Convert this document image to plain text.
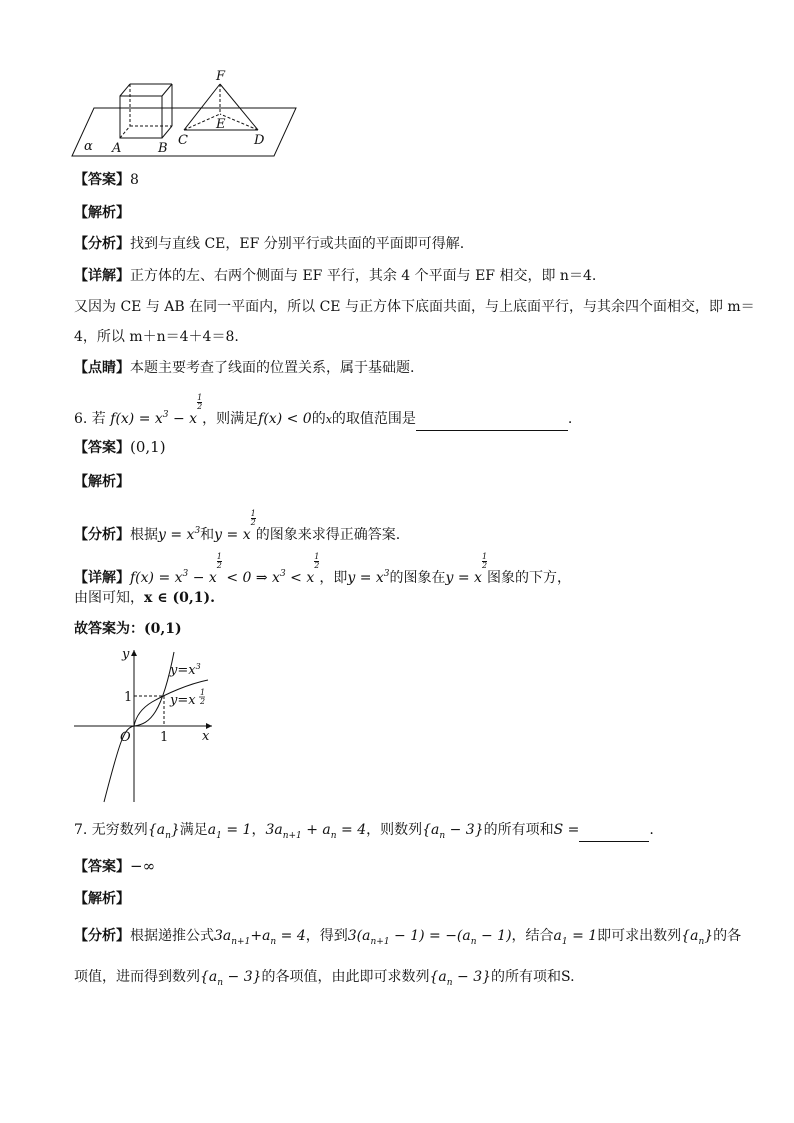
F
E
A	B
C	D
α
【答案】8
【解析】
【分析】找到与直线 CE，EF 分别平行或共面的平面即可得解.
【详解】正方体的左、右两个侧面与 EF 平行，其余 4 个平面与 EF 相交，即 n＝4.
又因为 CE 与 AB 在同一平面内，所以 CE 与正方体下底面共面，与上底面平行，与其余四个面相交，即 m＝
4，所以 m＋n＝4＋4＝8.
【点睛】本题主要考查了线面的位置关系，属于基础题.
6. 若 $f(x) = x^3 - x$
$\frac{1}{2}$
，则满足f(x) < 0的x的取值范围是	.
【答案】(0,1)
【解析】
【分析】根据$y = x^3$和y = x
$\frac{1}{2}$
的图象来求得正确答案.
【详解】$f(x) = x^3 - x$
$\frac{1}{2}$
< 0 ⇒ $x^3 < x$
$\frac{1}{2}$
，即$y = x^3$的图象在y = x
$\frac{1}{2}$
图象的下方，
由图可知，x ∈ (0,1).
故答案为：(0,1)
y
x
O
$y=x^3$
y=x
1
2
1
1
7. 无穷数列$\{a_n\}$满足$a_1 = 1$，$3a_{n+1} + a_n = 4$，则数列$\{a_n - 3\}$的所有项和S =	.
【答案】−∞
【解析】
【分析】根据递推公式$3a_{n+1}+a_n = 4$，得到$3(a_{n+1} - 1) = -(a_n - 1)$，结合$a_1 = 1$即可求出数列$\{a_n\}$的各
项值，进而得到数列$\{a_n - 3\}$的各项值，由此即可求数列$\{a_n - 3\}$的所有项和S.
